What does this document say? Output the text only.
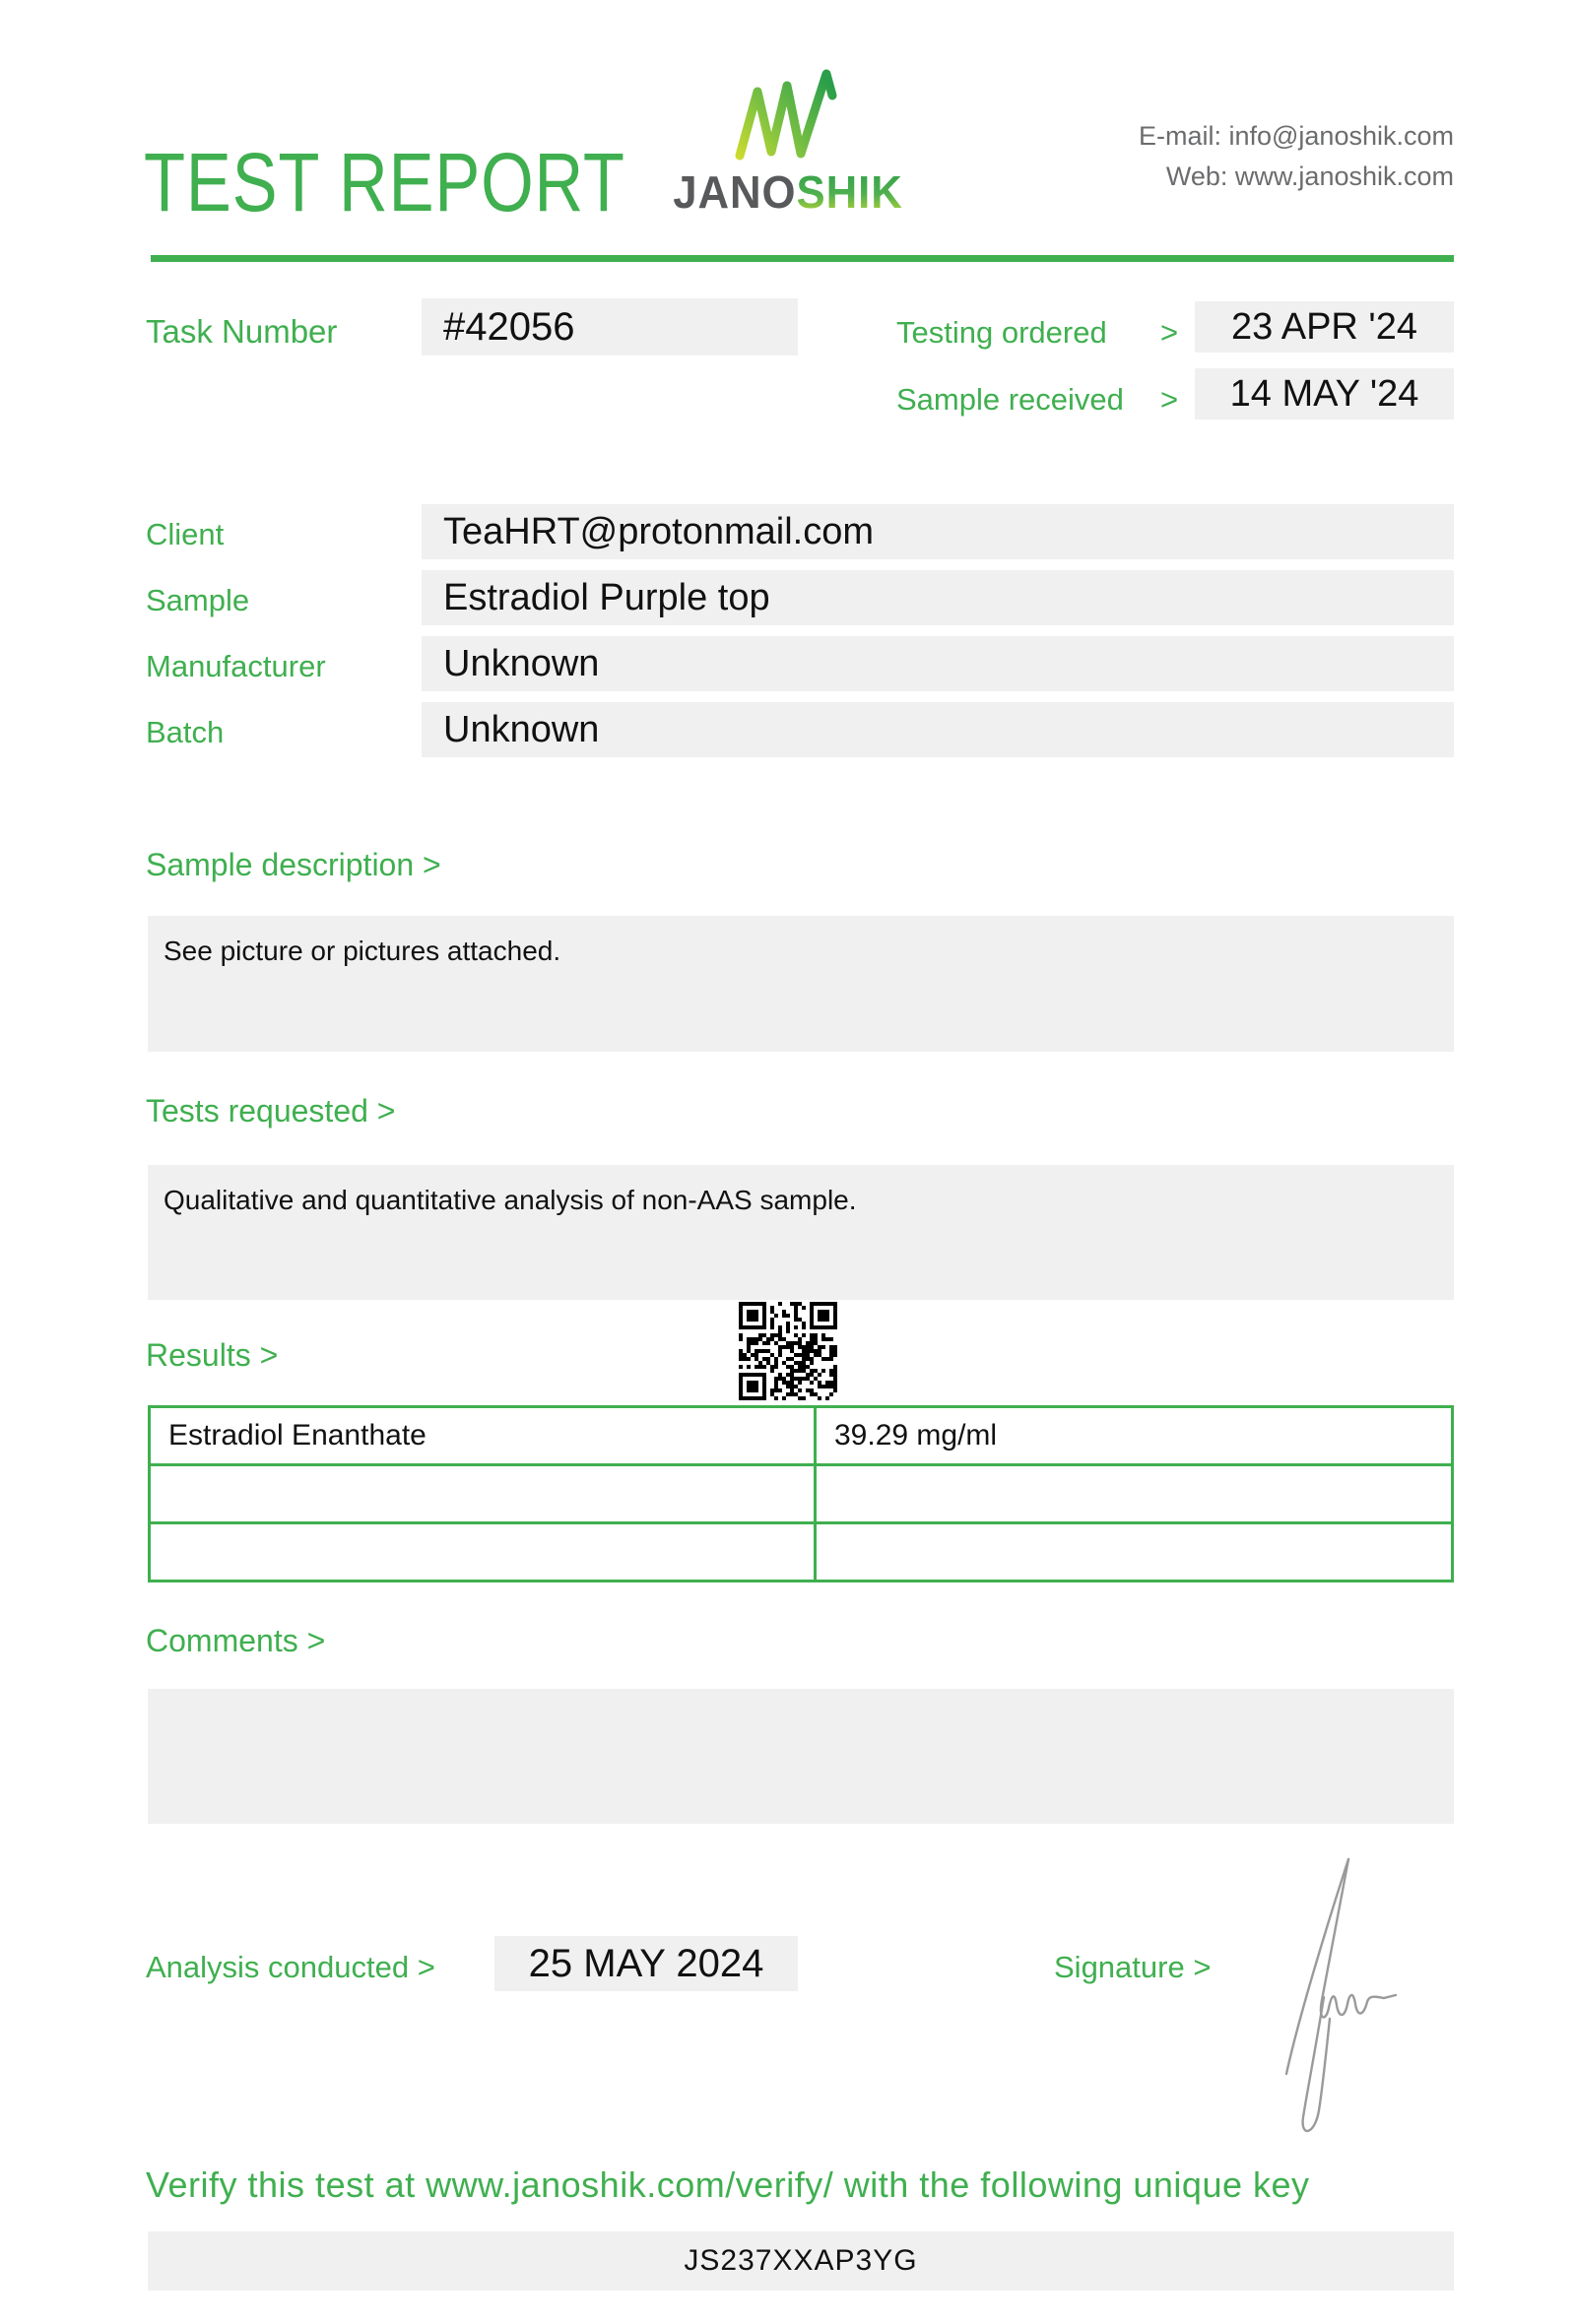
TEST REPORT	JANOSHIK
E-mail: info@janoshik.com
Web: www.janoshik.com
Task Number	#42056	Testing ordered >	23 APR '24
Sample received >	14 MAY '24
Client	TeaHRT@protonmail.com
Sample	Estradiol Purple top
Manufacturer	Unknown
Batch	Unknown
Sample description >
See picture or pictures attached.
Tests requested >
Qualitative and quantitative analysis of non-AAS sample.
Results >
Estradiol Enanthate	39.29 mg/ml

Comments >
Analysis conducted >	25 MAY 2024	Signature >
Verify this test at www.janoshik.com/verify/ with the following unique key
JS237XXAP3YG
